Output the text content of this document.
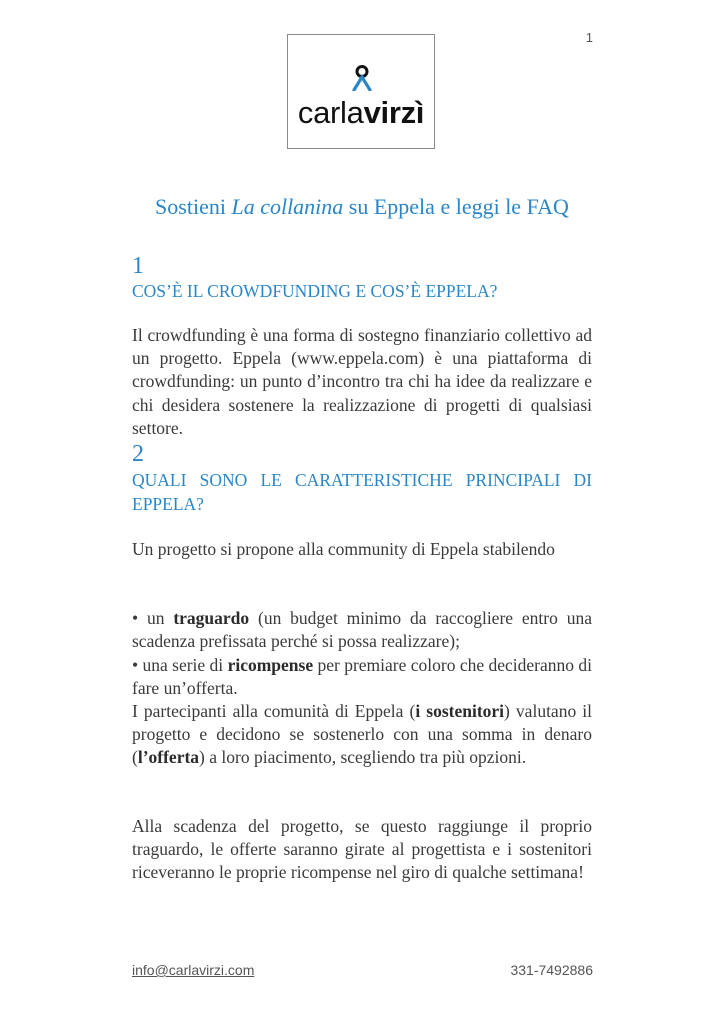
1
carlavirzì
Sostieni La collanina su Eppela e leggi le FAQ
1
COS’È IL CROWDFUNDING E COS’È EPPELA?

Il crowdfunding è una forma di sostegno finanziario collettivo ad un progetto. Eppela (www.eppela.com) è una piattaforma di crowdfunding: un punto d’incontro tra chi ha idee da realizzare e chi desidera sostenere la realizzazione di progetti di qualsiasi settore.

2
QUALI SONO LE CARATTERISTICHE PRINCIPALI DI EPPELA?

Un progetto si propone alla community di Eppela stabilendo

• un traguardo (un budget minimo da raccogliere entro una scadenza prefissata perché si possa realizzare);

• una serie di ricompense per premiare coloro che decideranno di fare un’offerta.

I partecipanti alla comunità di Eppela (i sostenitori) valutano il progetto e decidono se sostenerlo con una somma in denaro (l’offerta) a loro piacimento, scegliendo tra più opzioni.

Alla scadenza del progetto, se questo raggiunge il proprio traguardo, le offerte saranno girate al progettista e i sostenitori riceveranno le proprie ricompense nel giro di qualche settimana!

info@carlavirzi.com	331-7492886
